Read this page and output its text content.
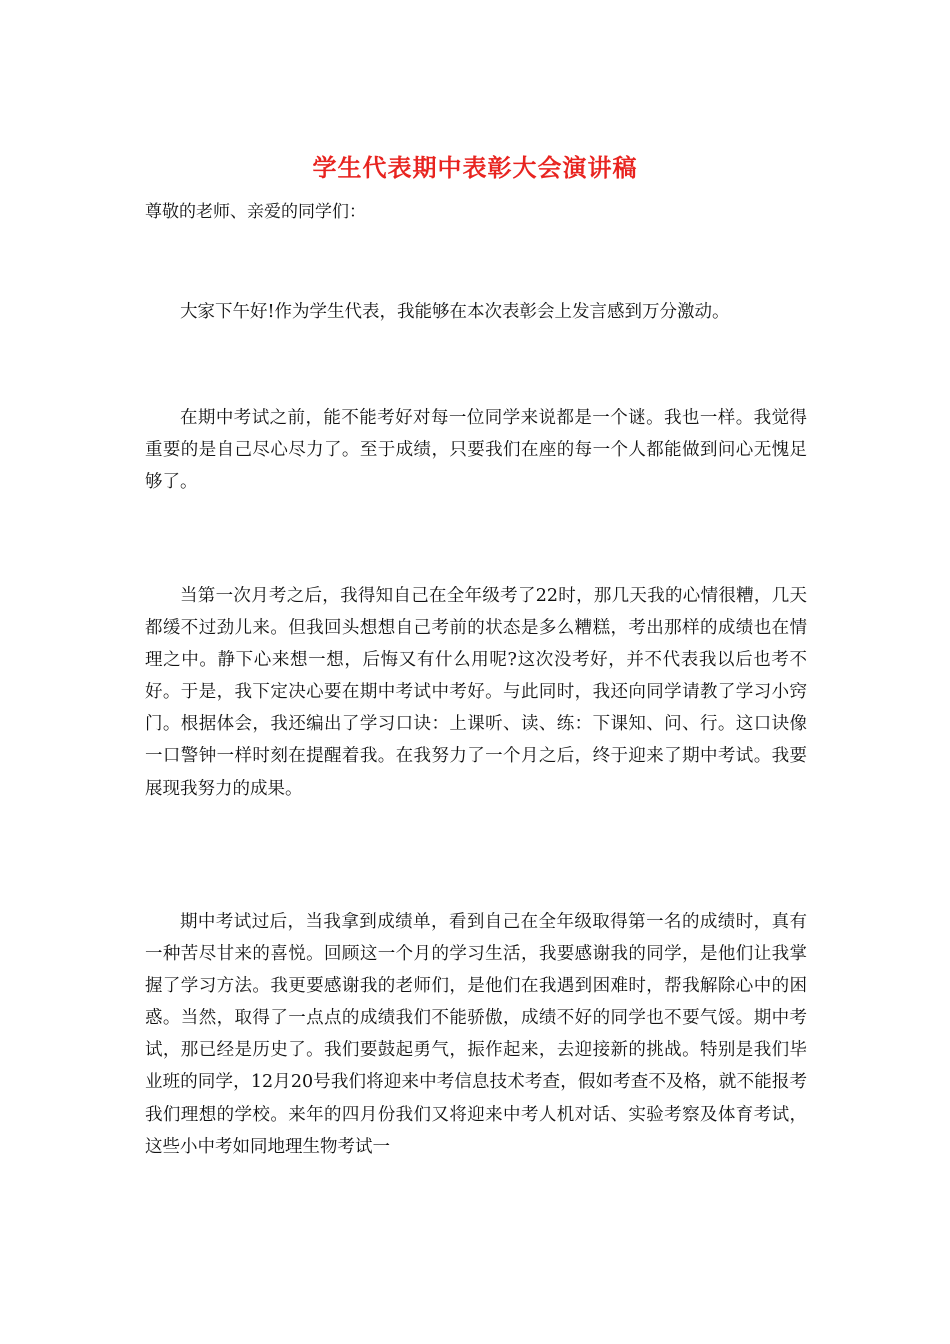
学生代表期中表彰大会演讲稿
尊敬的老师、亲爱的同学们：

大家下午好!作为学生代表，我能够在本次表彰会上发言感到万分激动。

在期中考试之前，能不能考好对每一位同学来说都是一个谜。我也一样。我觉得重要的是自己尽心尽力了。至于成绩，只要我们在座的每一个人都能做到问心无愧足够了。

当第一次月考之后，我得知自己在全年级考了22时，那几天我的心情很糟，几天都缓不过劲儿来。但我回头想想自己考前的状态是多么糟糕，考出那样的成绩也在情理之中。静下心来想一想，后悔又有什么用呢?这次没考好，并不代表我以后也考不好。于是，我下定决心要在期中考试中考好。与此同时，我还向同学请教了学习小窍门。根据体会，我还编出了学习口诀：上课听、读、练：下课知、问、行。这口诀像一口警钟一样时刻在提醒着我。在我努力了一个月之后，终于迎来了期中考试。我要展现我努力的成果。

期中考试过后，当我拿到成绩单，看到自己在全年级取得第一名的成绩时，真有一种苦尽甘来的喜悦。回顾这一个月的学习生活，我要感谢我的同学，是他们让我掌握了学习方法。我更要感谢我的老师们，是他们在我遇到困难时，帮我解除心中的困惑。当然，取得了一点点的成绩我们不能骄傲，成绩不好的同学也不要气馁。期中考试，那已经是历史了。我们要鼓起勇气，振作起来，去迎接新的挑战。特别是我们毕业班的同学，12月20号我们将迎来中考信息技术考查，假如考查不及格，就不能报考我们理想的学校。来年的四月份我们又将迎来中考人机对话、实验考察及体育考试，这些小中考如同地理生物考试一
